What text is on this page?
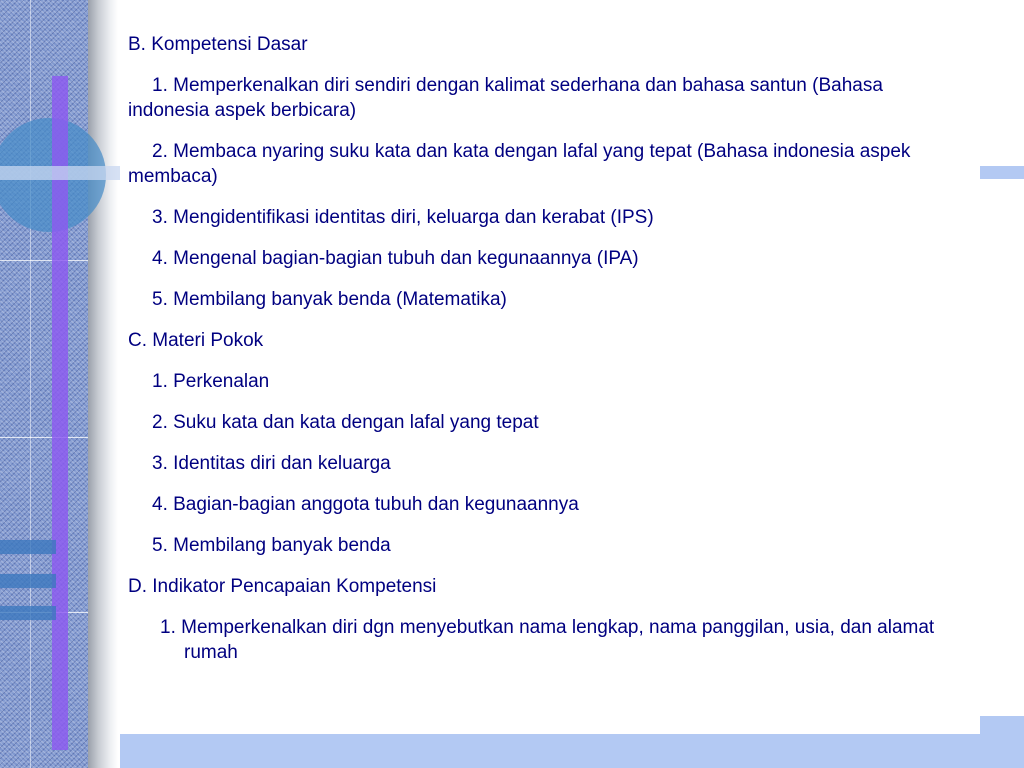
B. Kompetensi Dasar
1. Memperkenalkan diri sendiri dengan kalimat sederhana dan bahasa santun (Bahasa indonesia aspek berbicara)
2. Membaca nyaring suku kata dan kata dengan lafal yang tepat (Bahasa indonesia aspek membaca)
3. Mengidentifikasi identitas diri, keluarga dan kerabat (IPS)
4. Mengenal bagian-bagian tubuh dan kegunaannya (IPA)
5. Membilang banyak benda (Matematika)
C. Materi Pokok
1. Perkenalan
2. Suku kata dan kata dengan lafal yang tepat
3. Identitas diri dan keluarga
4. Bagian-bagian anggota tubuh dan kegunaannya
5. Membilang banyak benda
D. Indikator Pencapaian Kompetensi
1. Memperkenalkan diri dgn menyebutkan nama lengkap, nama panggilan, usia, dan alamat rumah
